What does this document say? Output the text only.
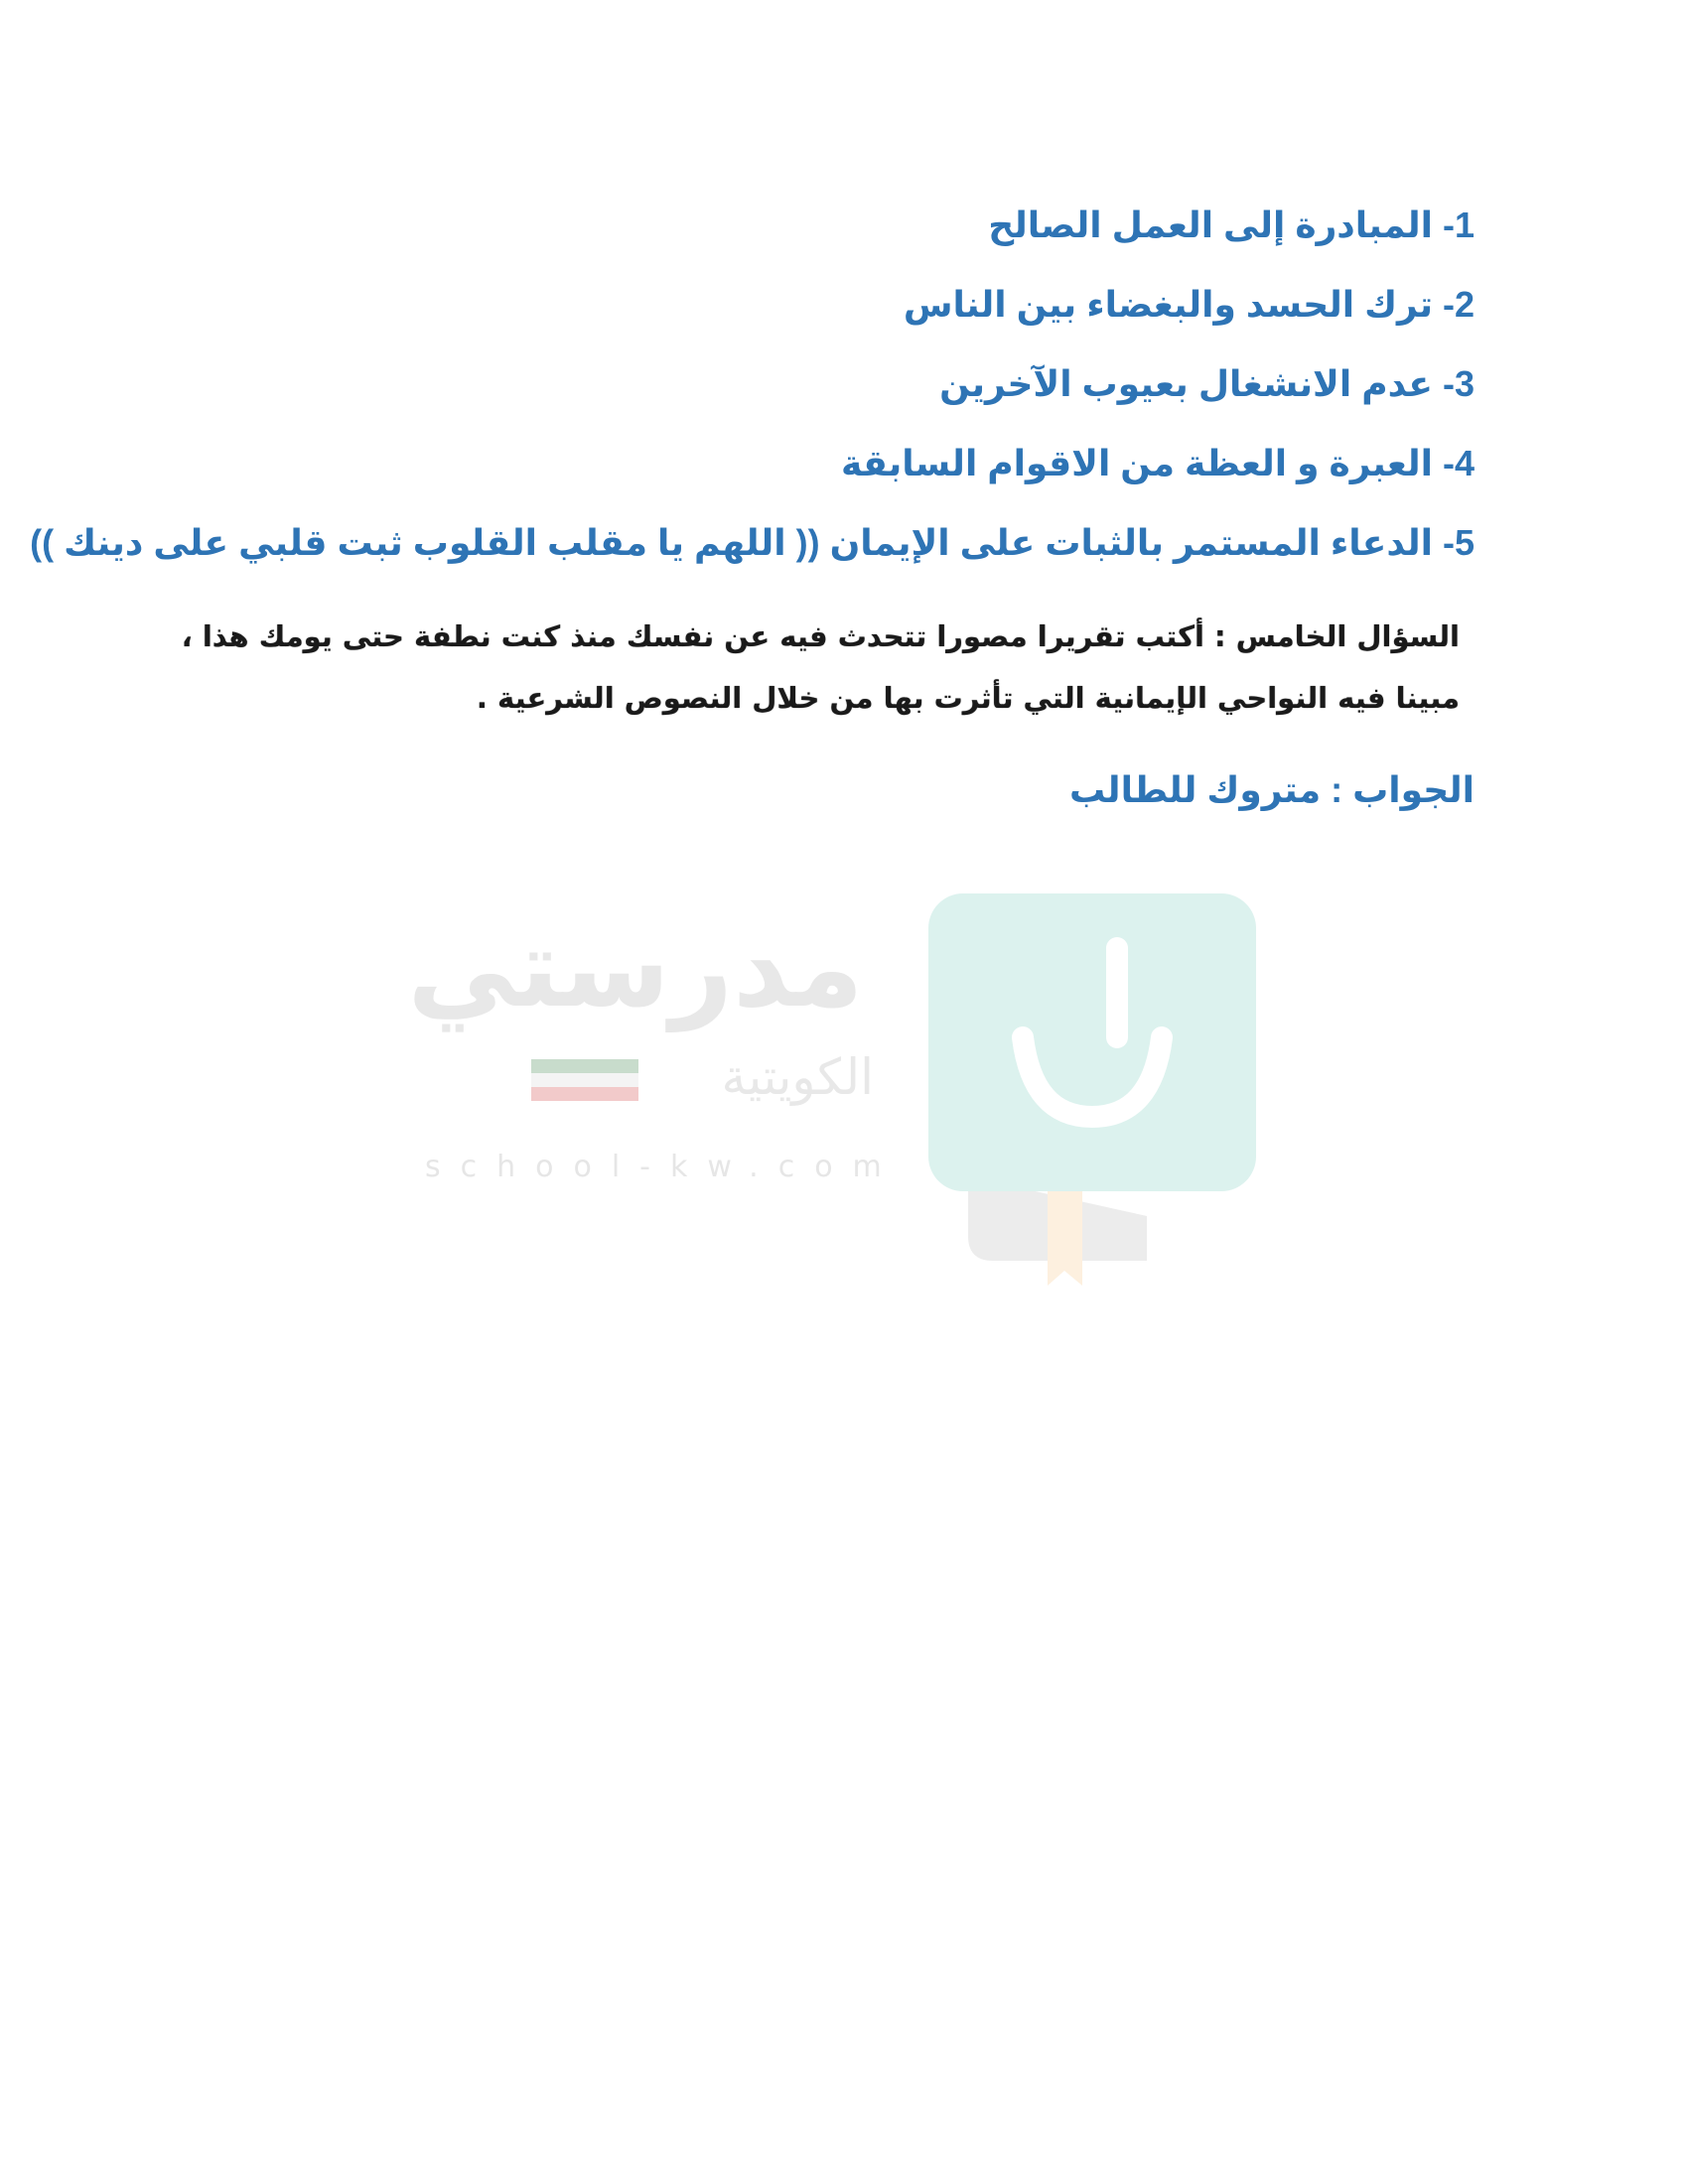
1- المبادرة إلى العمل الصالح
2- ترك الحسد والبغضاء بين الناس
3- عدم الانشغال بعيوب الآخرين
4- العبرة و العظة من الاقوام السابقة
5- الدعاء المستمر بالثبات على الإيمان (( اللهم يا مقلب القلوب ثبت قلبي على دينك ))
السؤال الخامس : أكتب تقريرا مصورا تتحدث فيه عن نفسك منذ كنت نطفة حتى يومك هذا ،
مبينا فيه النواحي الإيمانية التي تأثرت بها من خلال النصوص الشرعية .
الجواب : متروك للطالب
مدرستي
الكويتية
school-kw.com
